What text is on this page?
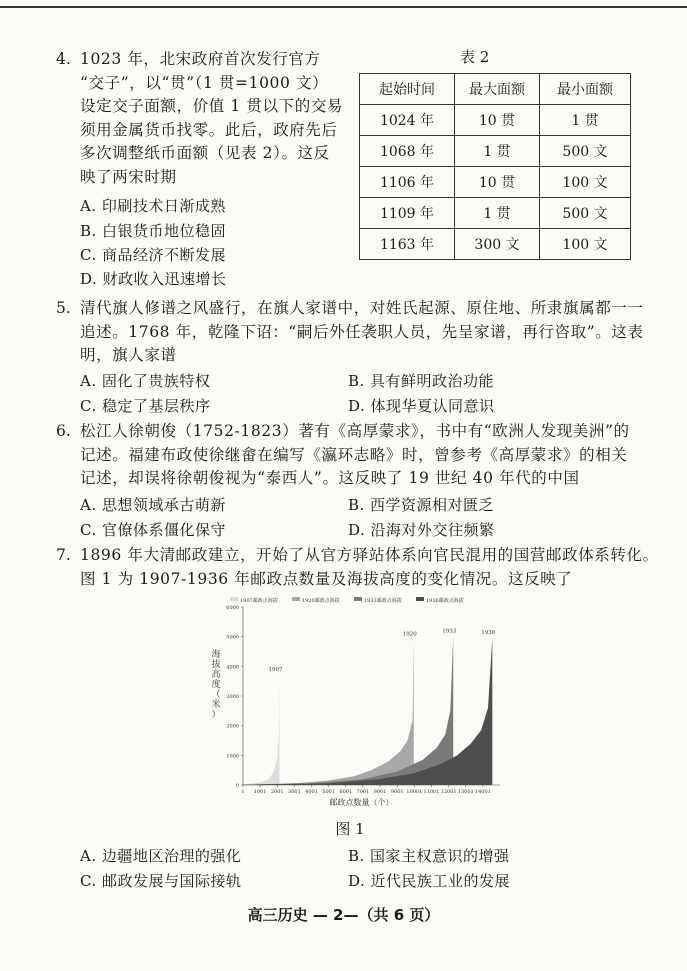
4. 1023 年，北宋政府首次发行官方
“交子”，以“贯”（1 贯=1000 文）
设定交子面额，价值 1 贯以下的交易
须用金属货币找零。此后，政府先后
多次调整纸币面额（见表 2）。这反
映了两宋时期
A. 印刷技术日渐成熟
B. 白银货币地位稳固
C. 商品经济不断发展
D. 财政收入迅速增长
表 2
起始时间	最大面额	最小面额
1024 年	10 贯	1 贯
1068 年	1 贯	500 文
1106 年	10 贯	100 文
1109 年	1 贯	500 文
1163 年	300 文	100 文
5. 清代旗人修谱之风盛行，在旗人家谱中，对姓氏起源、原住地、所隶旗属都一一
追述。1768 年，乾隆下诏：“嗣后外任袭职人员，先呈家谱，再行咨取”。这表
明，旗人家谱
A. 固化了贵族特权	B. 具有鲜明政治功能
C. 稳定了基层秩序	D. 体现华夏认同意识
6. 松江人徐朝俊（1752-1823）著有《高厚蒙求》，书中有“欧洲人发现美洲”的
记述。福建布政使徐继畲在编写《瀛环志略》时，曾参考《高厚蒙求》的相关
记述，却误将徐朝俊视为“泰西人”。这反映了 19 世纪 40 年代的中国
A. 思想领域承古萌新	B. 西学资源相对匮乏
C. 官僚体系僵化保守	D. 沿海对外交往频繁
7. 1896 年大清邮政建立，开始了从官方驿站体系向官民混用的国营邮政体系转化。
图 1 为 1907-1936 年邮政点数量及海拔高度的变化情况。这反映了
1907邮政点海拔	1920邮政点海拔	1933邮政点海拔	1936邮政点海拔
1907
1920	1933	1936
0
1000
2000
3000
4000
5000
6000
1 1001 2001 3001 4001 5001 6001 7001 8001 9001 10001 11001 12001 13001 14001
海
拔
高
度
（
米
）
邮政点数量（个）
图 1
A. 边疆地区治理的强化	B. 国家主权意识的增强
C. 邮政发展与国际接轨	D. 近代民族工业的发展
高三历史 — 2—（共 6 页）
